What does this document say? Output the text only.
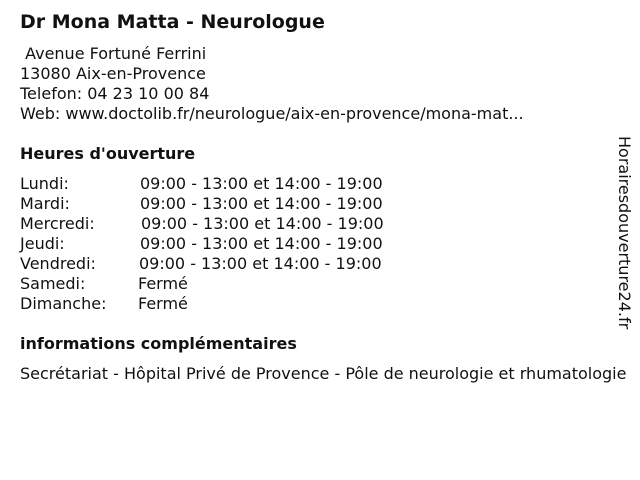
Dr Mona Matta - Neurologue
Avenue Fortuné Ferrini
13080 Aix-en-Provence
Telefon: 04 23 10 00 84
Web: www.doctolib.fr/neurologue/aix-en-provence/mona-mat...
Heures d'ouverture
Lundi:	09:00 - 13:00 et 14:00 - 19:00
Mardi:	09:00 - 13:00 et 14:00 - 19:00
Mercredi:	09:00 - 13:00 et 14:00 - 19:00
Jeudi:	09:00 - 13:00 et 14:00 - 19:00
Vendredi:	09:00 - 13:00 et 14:00 - 19:00
Samedi:	Fermé
Dimanche: Fermé
informations complémentaires
Secrétariat - Hôpital Privé de Provence - Pôle de neurologie et rhumatologie
Horairesdouverture24.fr
